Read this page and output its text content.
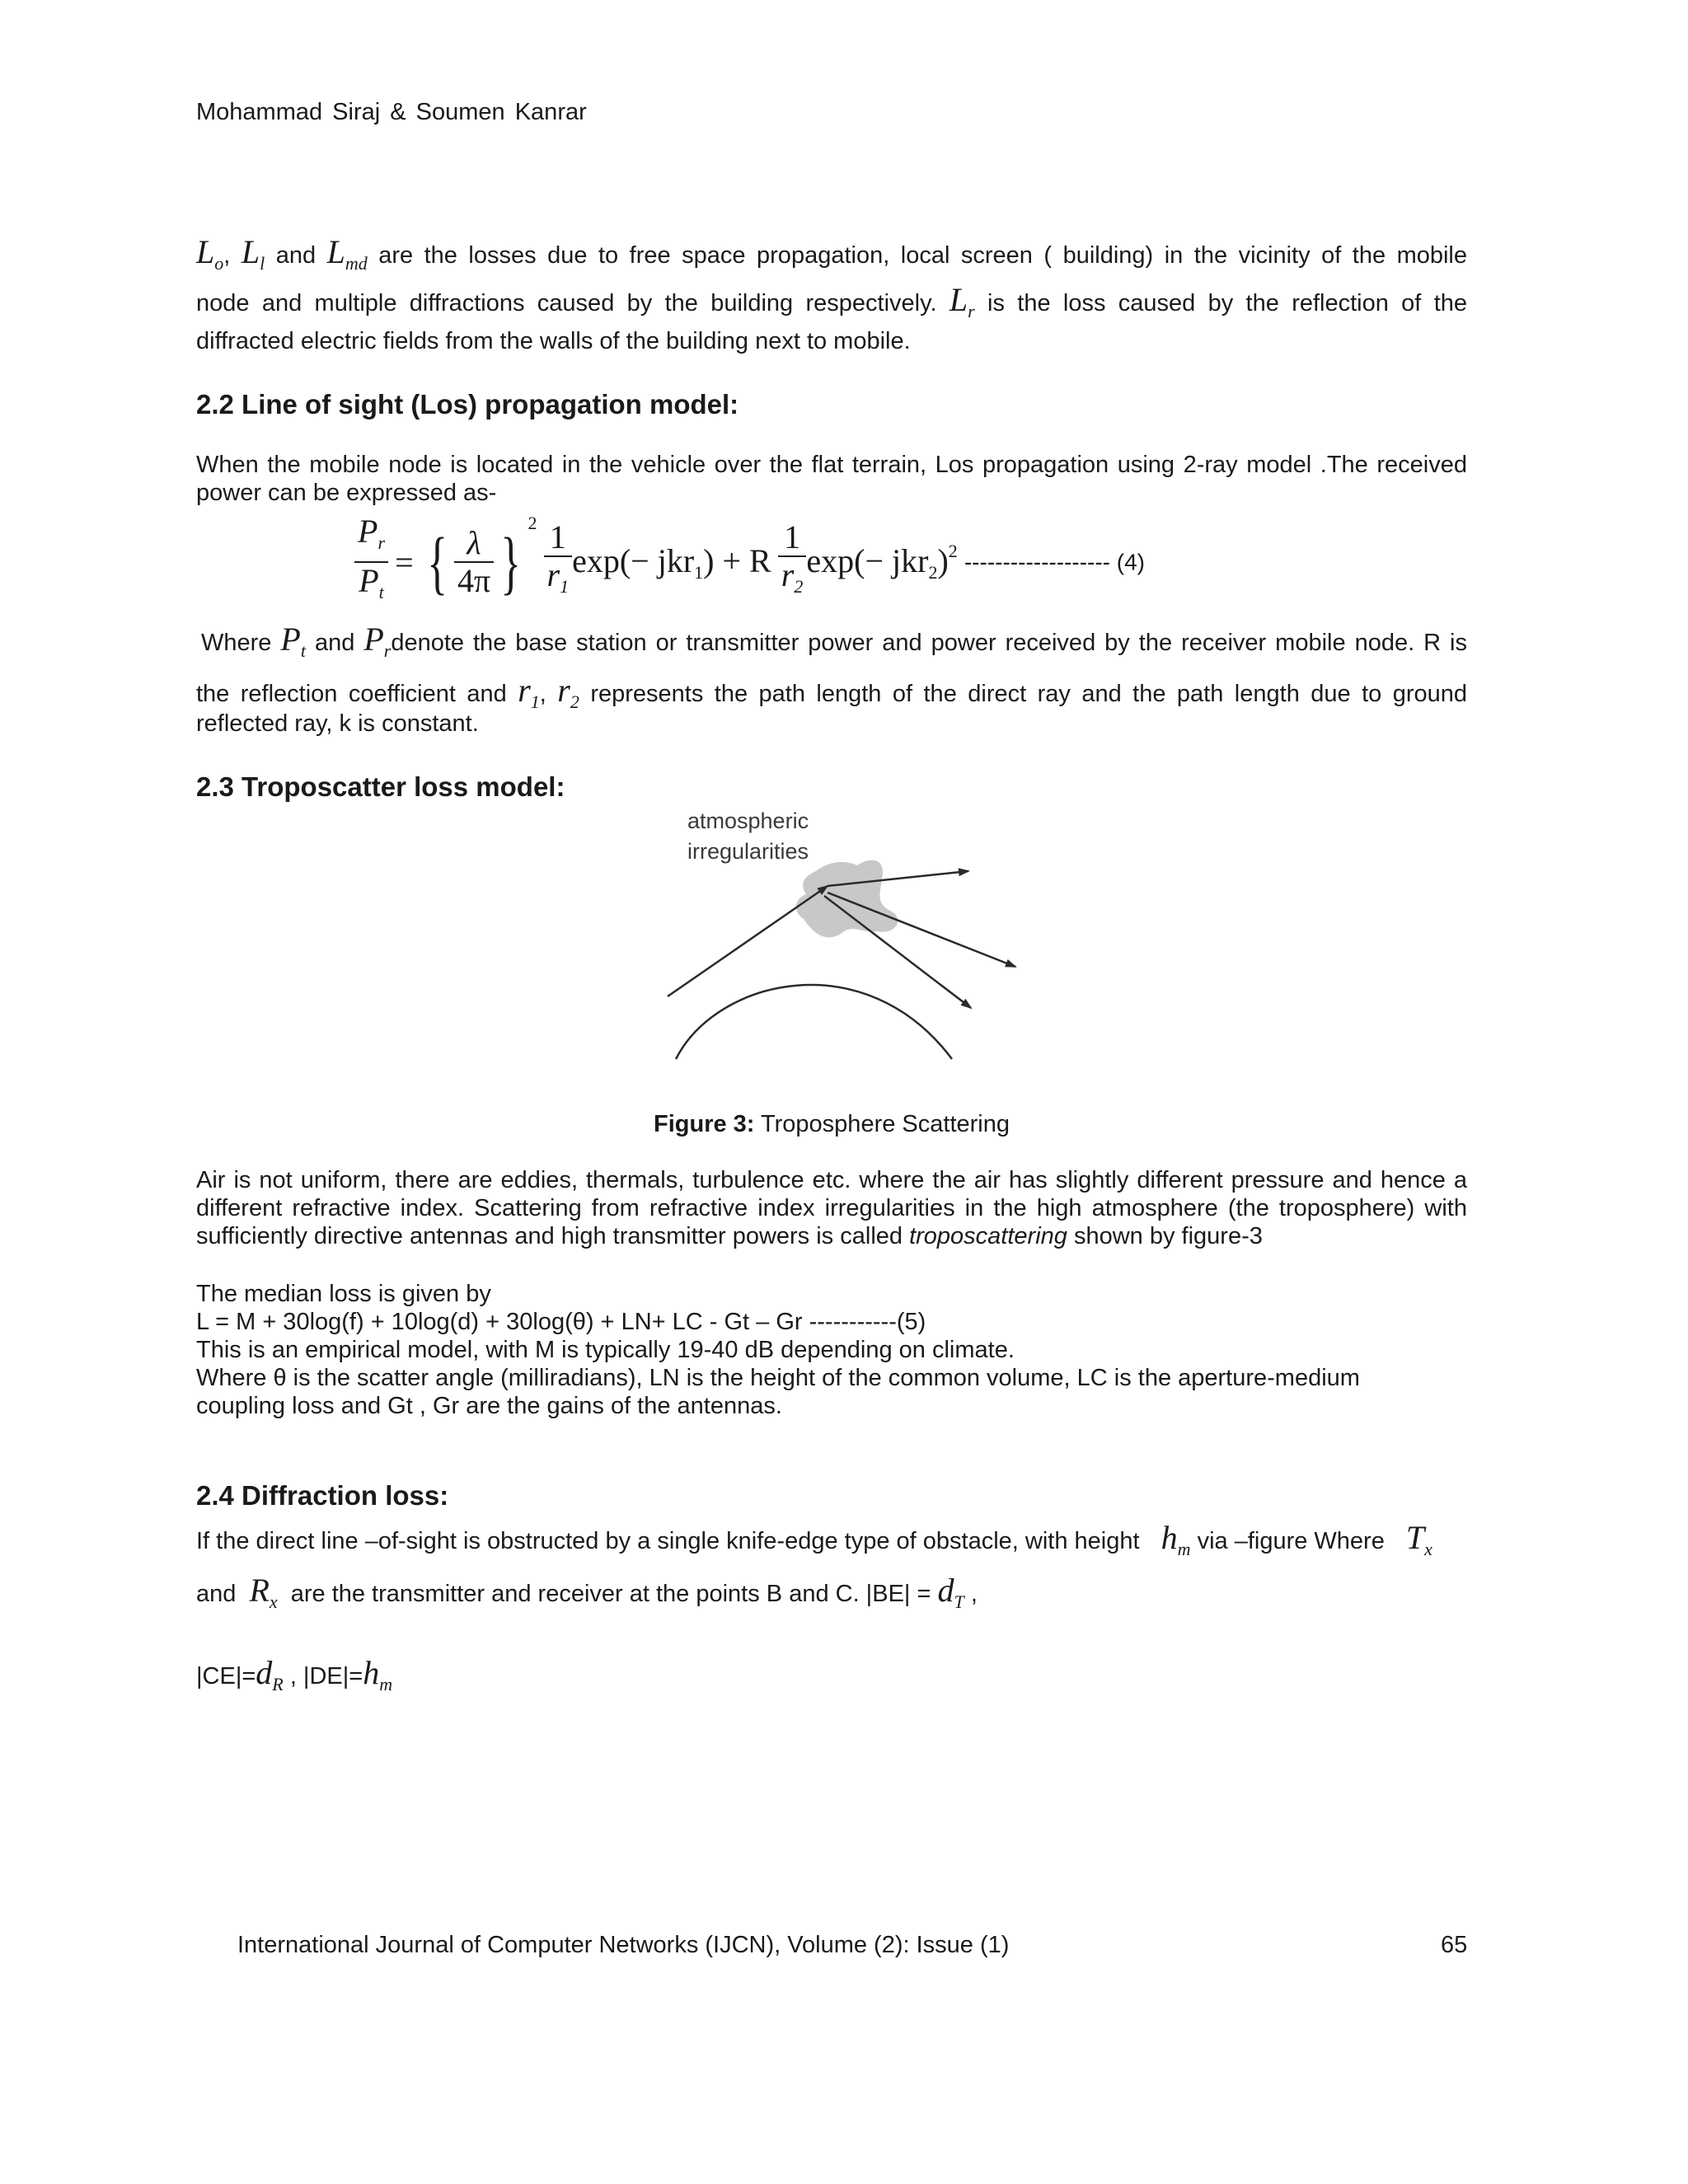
Mohammad Siraj & Soumen Kanrar
$L_o$, $L_l$ and $L_{md}$ are the losses due to free space propagation, local screen ( building) in the vicinity of the mobile
node and multiple diffractions caused by the building respectively. $L_r$ is the loss caused by the reflection of the
diffracted electric fields from the walls of the building next to mobile.
2.2 Line of sight (Los) propagation model:
When the mobile node is located in the vehicle over the flat terrain, Los propagation using 2-ray model .The received
power can be expressed as-
$\frac{P_r}{P_t}$ = { $\frac{\lambda}{4\pi}$ } $^2 \frac{1}{r_1} \exp(- jkr_1) + R \frac{1}{r_2} \exp(- jkr_2)^2$ ------------------- (4)
Where $P_t$ and $P_rdenote$ the base station or transmitter power and power received by the receiver mobile node. R is
the reflection coefficient and $r_1$, $r_2$ represents the path length of the direct ray and the path length due to ground
reflected ray, k is constant.
2.3 Troposcatter loss model:
atmospheric
irregularities
Figure 3: Troposphere Scattering
Air is not uniform, there are eddies, thermals, turbulence etc. where the air has slightly different pressure and hence a
different refractive index. Scattering from refractive index irregularities in the high atmosphere (the troposphere) with
sufficiently directive antennas and high transmitter powers is called troposcattering shown by figure-3
The median loss is given by
L = M + 30log(f) + 10log(d) + 30log(θ) + LN+ LC - Gt – Gr -----------(5)
This is an empirical model, with M is typically 19-40 dB depending on climate.
Where θ is the scatter angle (milliradians), LN is the height of the common volume, LC is the aperture-medium
coupling loss and Gt , Gr are the gains of the antennas.
2.4 Diffraction loss:
If the direct line –of-sight is obstructed by a single knife-edge type of obstacle, with height $h_m$ via –figure Where $T_x$
and $R_x$ are the transmitter and receiver at the points B and C. $|BE| = d_T$ ,
$|CE|=d_R$ , $|DE|=h_m$
International Journal of Computer Networks (IJCN), Volume (2): Issue (1)	65
